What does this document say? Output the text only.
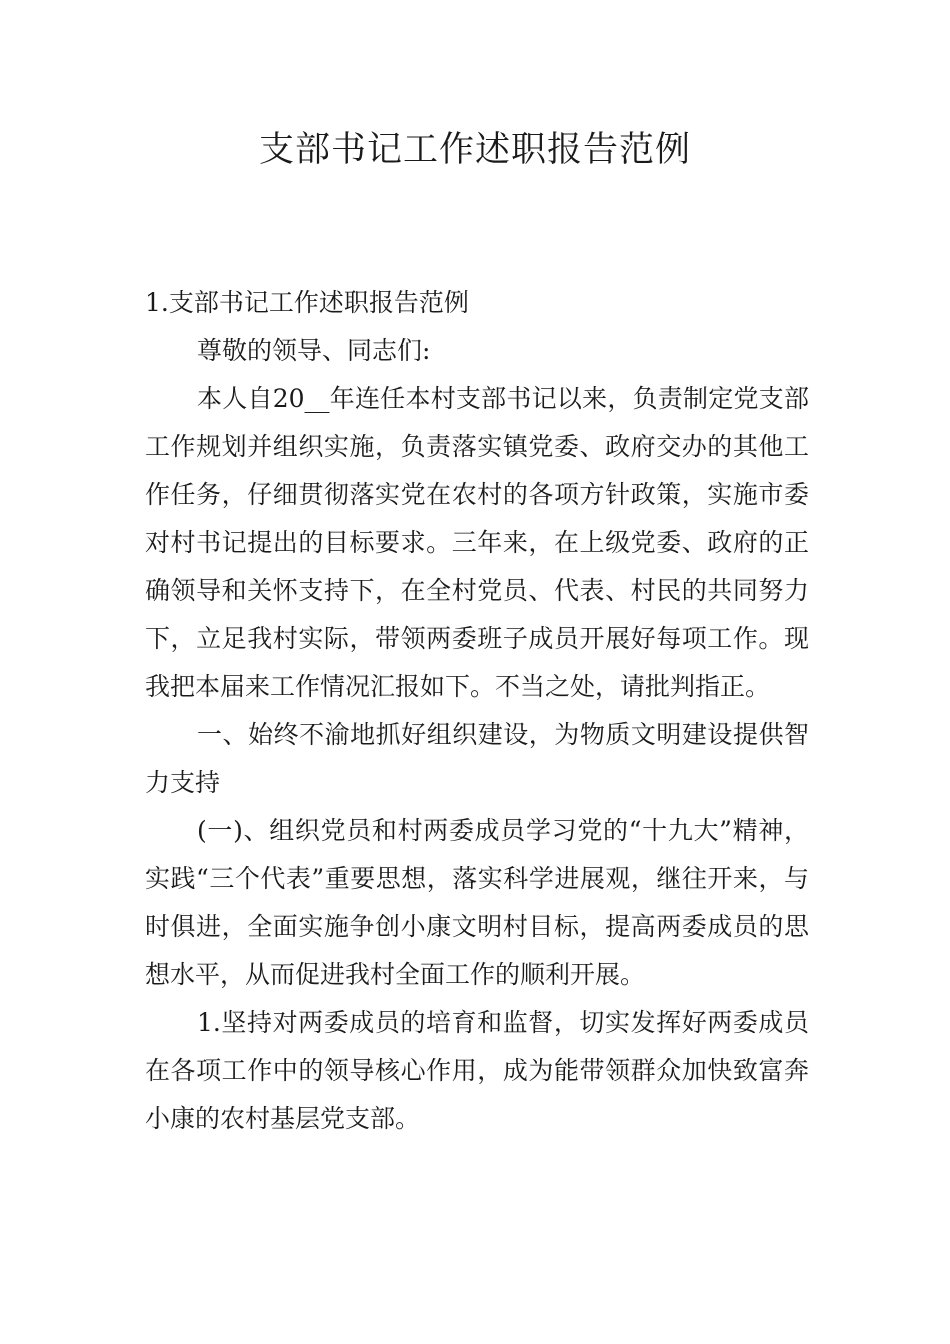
支部书记工作述职报告范例

1.支部书记工作述职报告范例

尊敬的领导、同志们:

本人自20__年连任本村支部书记以来，负责制定党支部工作规划并组织实施，负责落实镇党委、政府交办的其他工作任务，仔细贯彻落实党在农村的各项方针政策，实施市委对村书记提出的目标要求。三年来，在上级党委、政府的正确领导和关怀支持下，在全村党员、代表、村民的共同努力下，立足我村实际，带领两委班子成员开展好每项工作。现我把本届来工作情况汇报如下。不当之处，请批判指正。

一、始终不渝地抓好组织建设，为物质文明建设提供智力支持

(一)、组织党员和村两委成员学习党的“十九大”精神，实践“三个代表”重要思想，落实科学进展观，继往开来，与时俱进，全面实施争创小康文明村目标，提高两委成员的思想水平，从而促进我村全面工作的顺利开展。

1.坚持对两委成员的培育和监督，切实发挥好两委成员在各项工作中的领导核心作用，成为能带领群众加快致富奔小康的农村基层党支部。
